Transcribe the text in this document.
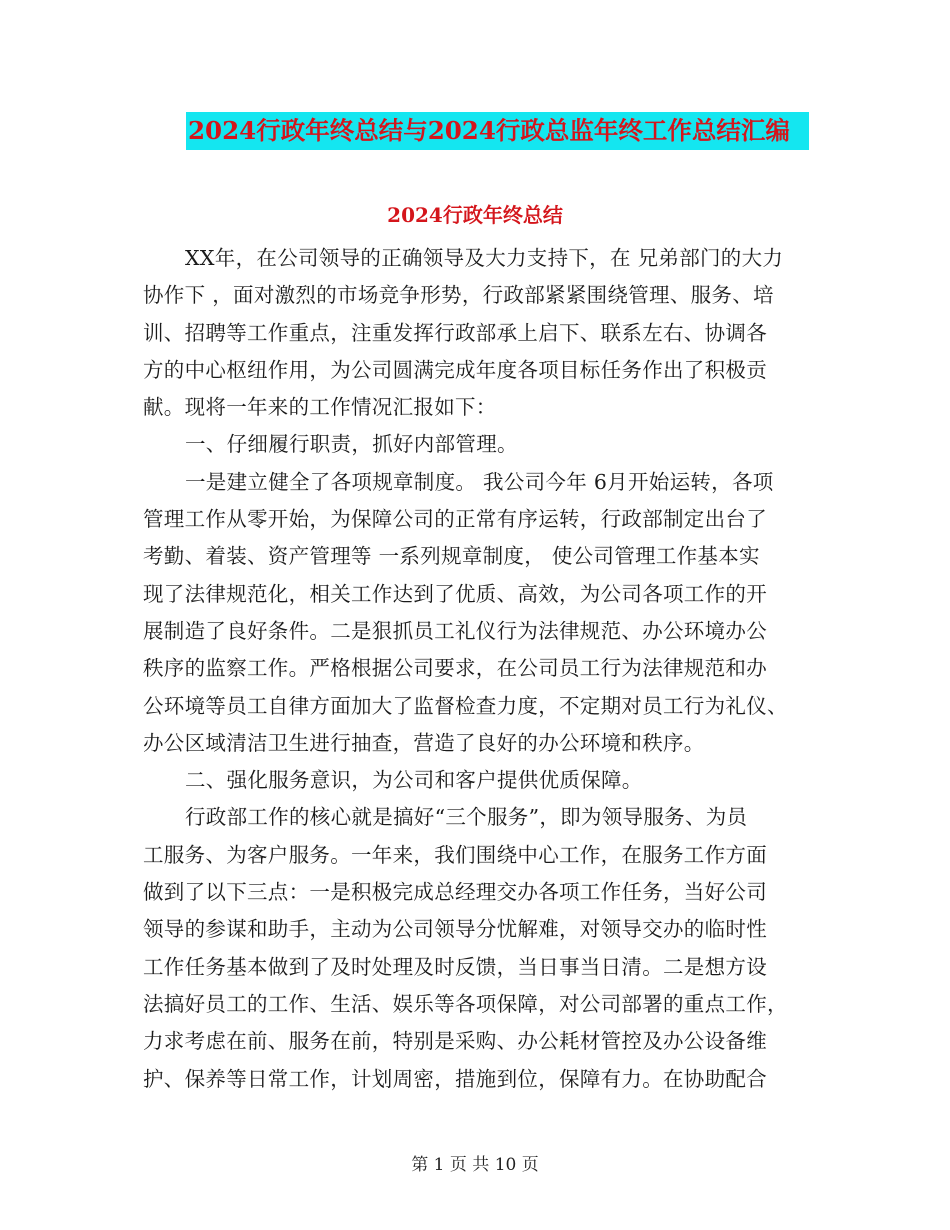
2024行政年终总结与2024行政总监年终工作总结汇编
2024行政年终总结
XX年，在公司领导的正确领导及大力支持下，在 兄弟部门的大力
协作下 ，面对激烈的市场竞争形势，行政部紧紧围绕管理、服务、培
训、招聘等工作重点，注重发挥行政部承上启下、联系左右、协调各
方的中心枢纽作用，为公司圆满完成年度各项目标任务作出了积极贡
献。现将一年来的工作情况汇报如下：
一、仔细履行职责，抓好内部管理。
一是建立健全了各项规章制度。 我公司今年 6月开始运转，各项
管理工作从零开始，为保障公司的正常有序运转，行政部制定出台了
考勤、着装、资产管理等 一系列规章制度， 使公司管理工作基本实
现了法律规范化，相关工作达到了优质、高效，为公司各项工作的开
展制造了良好条件。二是狠抓员工礼仪行为法律规范、办公环境办公
秩序的监察工作。严格根据公司要求，在公司员工行为法律规范和办
公环境等员工自律方面加大了监督检查力度，不定期对员工行为礼仪、
办公区域清洁卫生进行抽查，营造了良好的办公环境和秩序。
二、强化服务意识，为公司和客户提供优质保障。
行政部工作的核心就是搞好“三个服务”，即为领导服务、为员
工服务、为客户服务。一年来，我们围绕中心工作，在服务工作方面
做到了以下三点：一是积极完成总经理交办各项工作任务，当好公司
领导的参谋和助手，主动为公司领导分忧解难，对领导交办的临时性
工作任务基本做到了及时处理及时反馈，当日事当日清。二是想方设
法搞好员工的工作、生活、娱乐等各项保障，对公司部署的重点工作，
力求考虑在前、服务在前，特别是采购、办公耗材管控及办公设备维
护、保养等日常工作，计划周密，措施到位，保障有力。在协助配合
第 1 页 共 10 页
